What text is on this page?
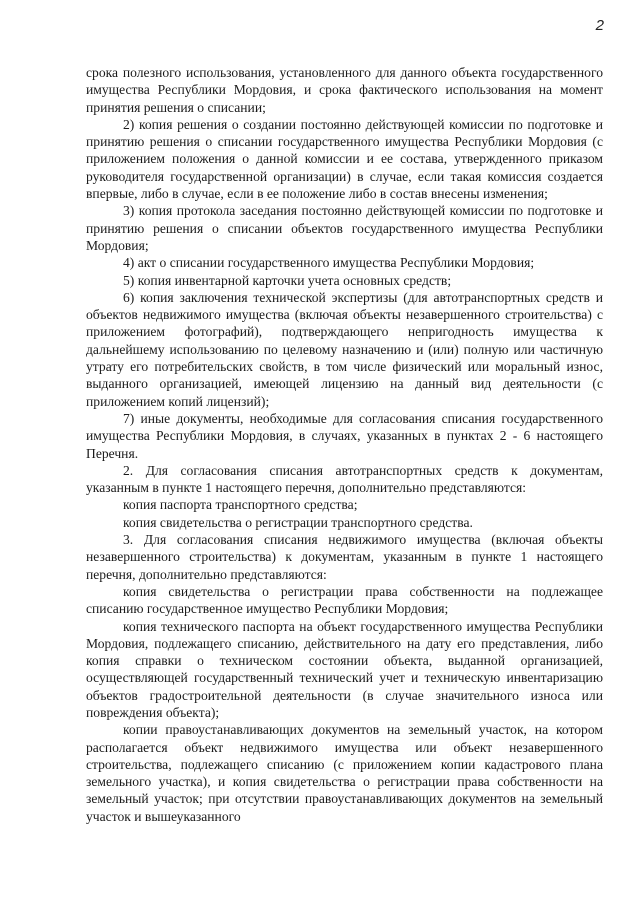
2

срока полезного использования, установленного для данного объекта государственного имущества Республики Мордовия, и срока фактического использования на момент принятия решения о списании;

2) копия решения о создании постоянно действующей комиссии по подготовке и принятию решения о списании государственного имущества Республики Мордовия (с приложением положения о данной комиссии и ее состава, утвержденного приказом руководителя государственной организации) в случае, если такая комиссия создается впервые, либо в случае, если в ее положение либо в состав внесены изменения;

3) копия протокола заседания постоянно действующей комиссии по подготовке и принятию решения о списании объектов государственного имущества Республики Мордовия;

4) акт о списании государственного имущества Республики Мордовия;

5) копия инвентарной карточки учета основных средств;

6) копия заключения технической экспертизы (для автотранспортных средств и объектов недвижимого имущества (включая объекты незавершенного строительства) с приложением фотографий), подтверждающего непригодность имущества к дальнейшему использованию по целевому назначению и (или) полную или частичную утрату его потребительских свойств, в том числе физический или моральный износ, выданного организацией, имеющей лицензию на данный вид деятельности (с приложением копий лицензий);

7) иные документы, необходимые для согласования списания государственного имущества Республики Мордовия, в случаях, указанных в пунктах 2 - 6 настоящего Перечня.

2. Для согласования списания автотранспортных средств к документам, указанным в пункте 1 настоящего перечня, дополнительно представляются:

копия паспорта транспортного средства;

копия свидетельства о регистрации транспортного средства.

3. Для согласования списания недвижимого имущества (включая объекты незавершенного строительства) к документам, указанным в пункте 1 настоящего перечня, дополнительно представляются:

копия свидетельства о регистрации права собственности на подлежащее списанию государственное имущество Республики Мордовия;

копия технического паспорта на объект государственного имущества Республики Мордовия, подлежащего списанию, действительного на дату его представления, либо копия справки о техническом состоянии объекта, выданной организацией, осуществляющей государственный технический учет и техническую инвентаризацию объектов градостроительной деятельности (в случае значительного износа или повреждения объекта);

копии правоустанавливающих документов на земельный участок, на котором располагается объект недвижимого имущества или объект незавершенного строительства, подлежащего списанию (с приложением копии кадастрового плана земельного участка), и копия свидетельства о регистрации права собственности на земельный участок; при отсутствии правоустанавливающих документов на земельный участок и вышеуказанного
